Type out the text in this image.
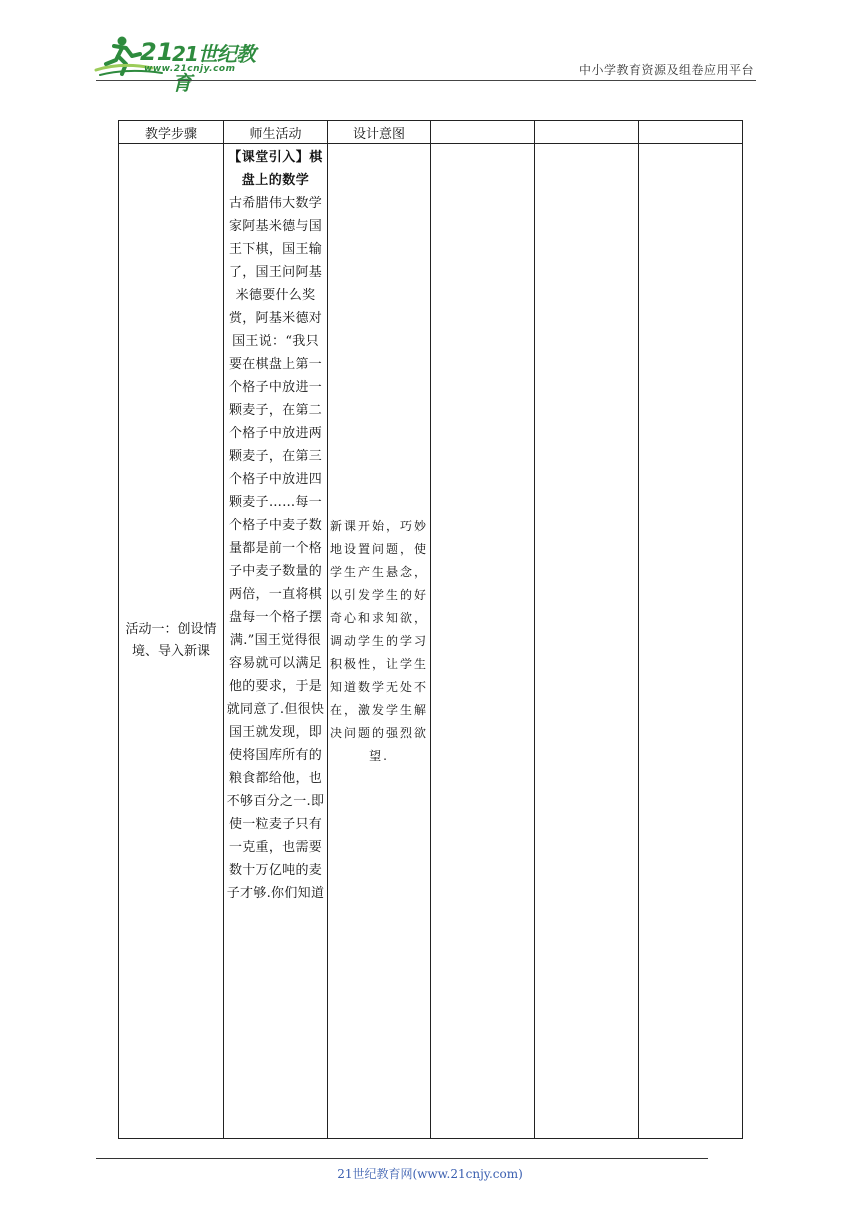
21
21世纪教育
www.21cnjy.com	中小学教育资源及组卷应用平台
教学步骤	师生活动	设计意图			
活动一：创设情境、导入新课	【课堂引入】棋盘上的数学
古希腊伟大数学家阿基米德与国王下棋，国王输了，国王问阿基米德要什么奖赏，阿基米德对国王说：“我只要在棋盘上第一个格子中放进一颗麦子，在第二个格子中放进两颗麦子，在第三个格子中放进四颗麦子……每一个格子中麦子数量都是前一个格子中麦子数量的两倍，一直将棋盘每一个格子摆满.”国王觉得很容易就可以满足他的要求，于是就同意了.但很快国王就发现，即使将国库所有的粮食都给他，也不够百分之一.即使一粒麦子只有一克重，也需要数十万亿吨的麦子才够.你们知道	新课开始，巧妙地设置问题，使学生产生悬念，以引发学生的好奇心和求知欲，调动学生的学习积极性，让学生知道数学无处不在，激发学生解决问题的强烈欲望.			
21世纪教育网(www.21cnjy.com)
